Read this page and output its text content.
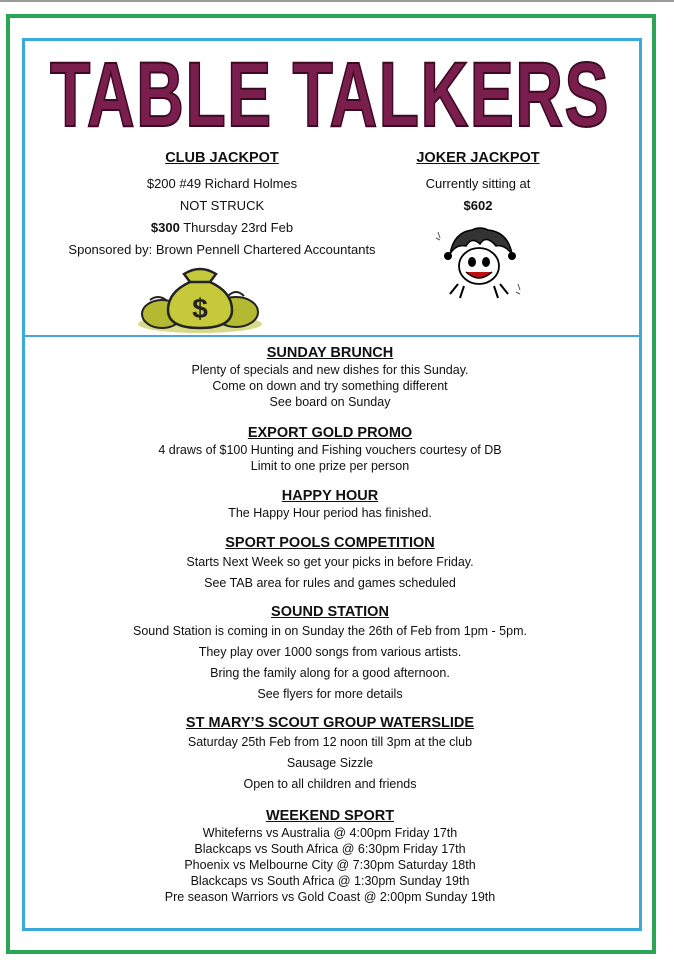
TABLE TALKERS
CLUB JACKPOT
$200 #49 Richard Holmes
NOT STRUCK
$300 Thursday 23rd Feb
Sponsored by: Brown Pennell Chartered Accountants
JOKER JACKPOT
Currently sitting at
$602
$
SUNDAY BRUNCH
Plenty of specials and new dishes for this Sunday.
Come on down and try something different
See board on Sunday
EXPORT GOLD PROMO
4 draws of $100 Hunting and Fishing vouchers courtesy of DB
Limit to one prize per person
HAPPY HOUR
The Happy Hour period has finished.
SPORT POOLS COMPETITION
Starts Next Week so get your picks in before Friday.
See TAB area for rules and games scheduled
SOUND STATION
Sound Station is coming in on Sunday the 26th of Feb from 1pm - 5pm.
They play over 1000 songs from various artists.
Bring the family along for a good afternoon.
See flyers for more details
ST MARY’S SCOUT GROUP WATERSLIDE
Saturday 25th Feb from 12 noon till 3pm at the club
Sausage Sizzle
Open to all children and friends
WEEKEND SPORT
Whiteferns vs Australia @ 4:00pm Friday 17th
Blackcaps vs South Africa @ 6:30pm Friday 17th
Phoenix vs Melbourne City @ 7:30pm Saturday 18th
Blackcaps vs South Africa @ 1:30pm Sunday 19th
Pre season Warriors vs Gold Coast @ 2:00pm Sunday 19th
